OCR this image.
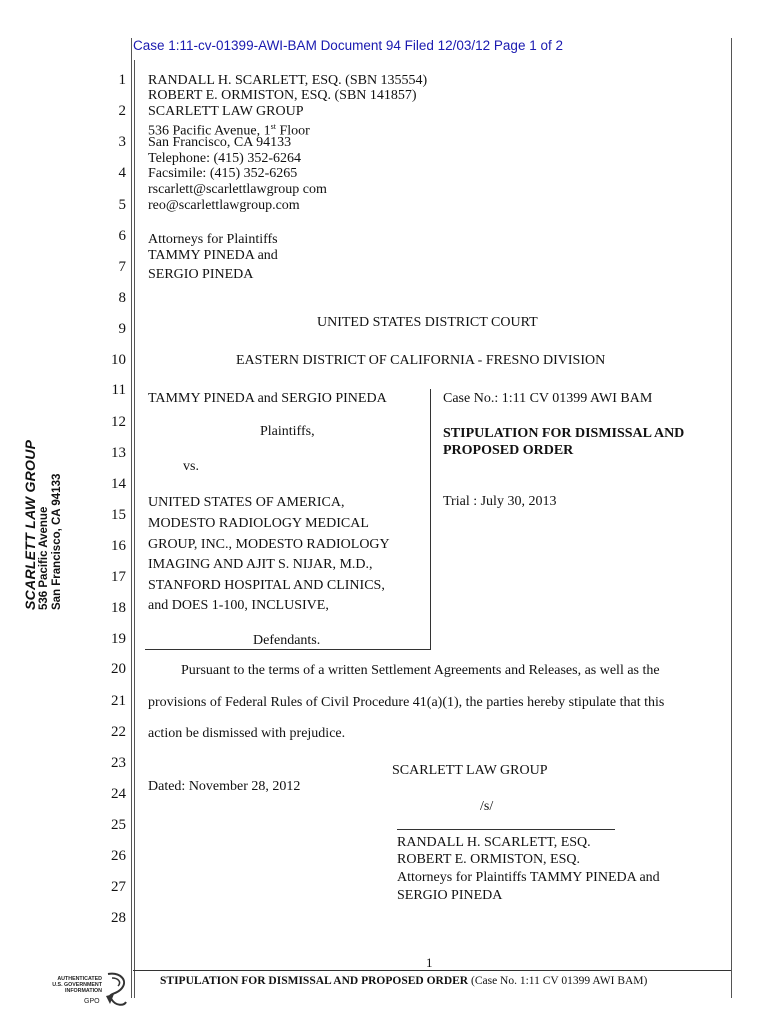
Case 1:11-cv-01399-AWI-BAM Document 94 Filed 12/03/12 Page 1 of 2
1
2
3
4
5
6
7
8
9
10
11
12
13
14
15
16
17
18
19
20
21
22
23
24
25
26
27
28
RANDALL H. SCARLETT, ESQ. (SBN 135554)
ROBERT E. ORMISTON, ESQ. (SBN 141857)
SCARLETT LAW GROUP
536 Pacific Avenue, 1st Floor
San Francisco, CA 94133
Telephone: (415) 352-6264
Facsimile: (415) 352-6265
rscarlett@scarlettlawgroup com
reo@scarlettlawgroup.com
Attorneys for Plaintiffs
TAMMY PINEDA and
SERGIO PINEDA
UNITED STATES DISTRICT COURT
EASTERN DISTRICT OF CALIFORNIA - FRESNO DIVISION
TAMMY PINEDA and SERGIO PINEDA
Plaintiffs,
vs.
UNITED STATES OF AMERICA,
MODESTO RADIOLOGY MEDICAL
GROUP, INC., MODESTO RADIOLOGY
IMAGING AND AJIT S. NIJAR, M.D.,
STANFORD HOSPITAL AND CLINICS,
and DOES 1-100, INCLUSIVE,
Defendants.
Case No.: 1:11 CV 01399 AWI BAM
STIPULATION FOR DISMISSAL AND
PROPOSED ORDER
Trial : July 30, 2013
Pursuant to the terms of a written Settlement Agreements and Releases, as well as the
provisions of Federal Rules of Civil Procedure 41(a)(1), the parties hereby stipulate that this
action be dismissed with prejudice.
Dated: November 28, 2012
SCARLETT LAW GROUP
/s/
RANDALL H. SCARLETT, ESQ.
ROBERT E. ORMISTON, ESQ.
Attorneys for Plaintiffs TAMMY PINEDA and
SERGIO PINEDA
SCARLETT LAW GROUP 536 Pacific Avenue San Francisco, CA 94133
1
STIPULATION FOR DISMISSAL AND PROPOSED ORDER (Case No. 1:11 CV 01399 AWI BAM)
AUTHENTICATED
U.S. GOVERNMENT
INFORMATION
GPO
